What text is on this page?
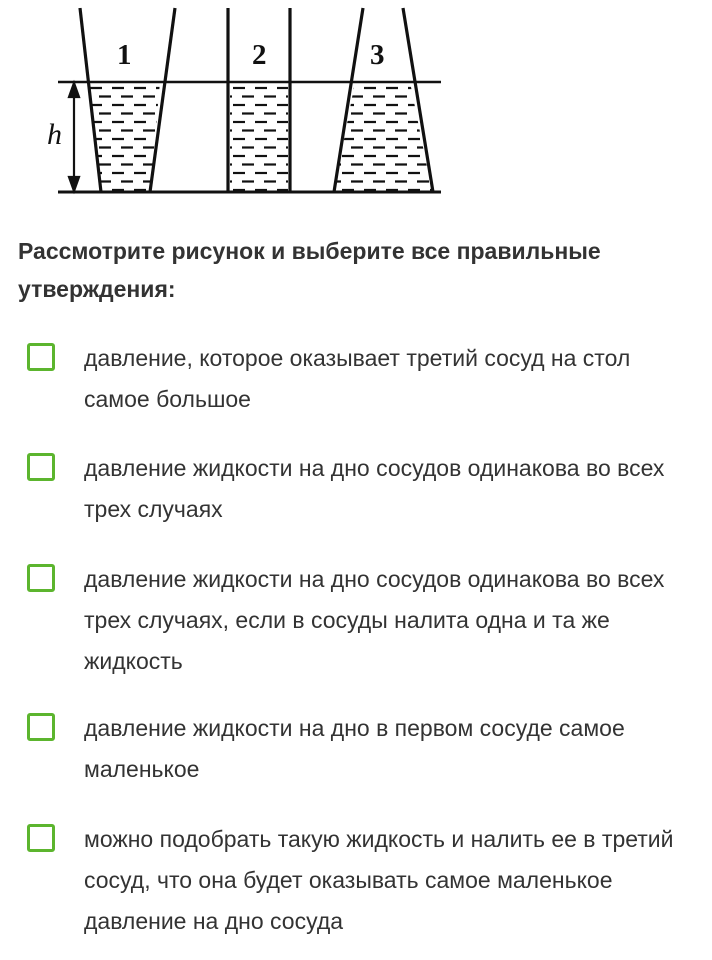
h
1	2	3

Рассмотрите рисунок и выберите все правильные утверждения:

давление, которое оказывает третий сосуд на стол самое большое
давление жидкости на дно сосудов одинакова во всех трех случаях
давление жидкости на дно сосудов одинакова во всех трех случаях, если в сосуды налита одна и та же жидкость
давление жидкости на дно в первом сосуде самое маленькое
можно подобрать такую жидкость и налить ее в третий сосуд, что она будет оказывать самое маленькое давление на дно сосуда
